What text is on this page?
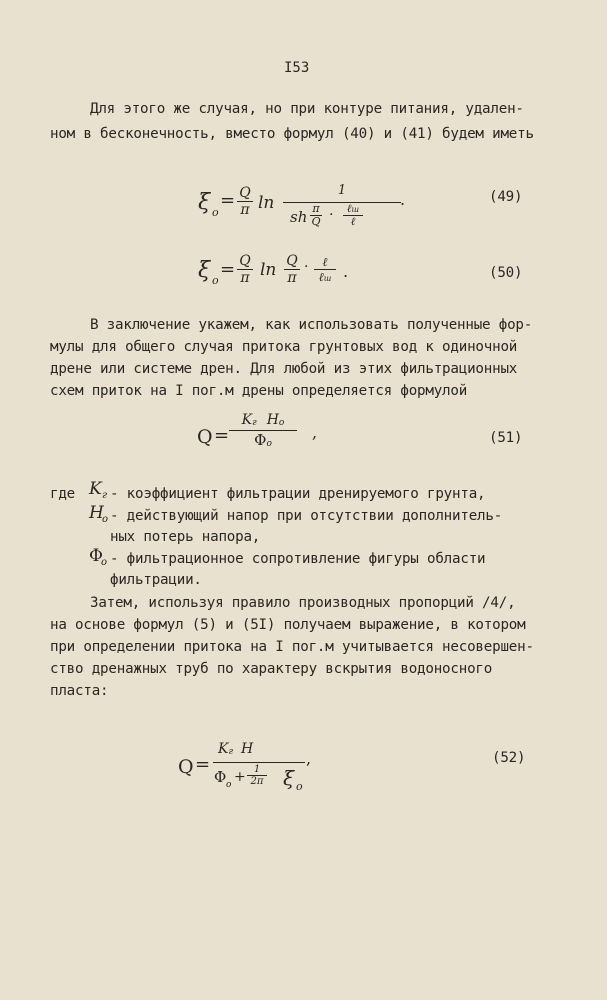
I53
Для этого же случая, но при контуре питания, удален-
ном в бесконечность, вместо формул (40) и (41) будем иметь
ξ o
= Q
π ln
1
sh π
Q · ℓ ш
ℓ
.	(49)
ξ o
= Q
π ln Q
π
· ℓ
ℓ ш .	(50)
В заключение укажем, как использовать полученные фор-
мулы для общего случая притока грунтовых вод к одиночной
дрене или системе дрен. Для любой из этих фильтрационных
схем приток на I пог.м дрены определяется формулой
Q =
K г H o
Φ o
,	(51)
где K г - коэффициент фильтрации дренируемого грунта,
H
o - действующий напор при отсутствии дополнитель-
ных потерь напора,
Φ
o - фильтрационное сопротивление фигуры области
фильтрации.
Затем, используя правило производных пропорций /4/,
на основе формул (5) и (5I) получаем выражение, в котором
при определении притока на I пог.м учитывается несовершен-
ство дренажных труб по характеру вскрытия водоносного
пласта:
Q =
K г H
Φ o + 1
2π ξ o
,	(52)
